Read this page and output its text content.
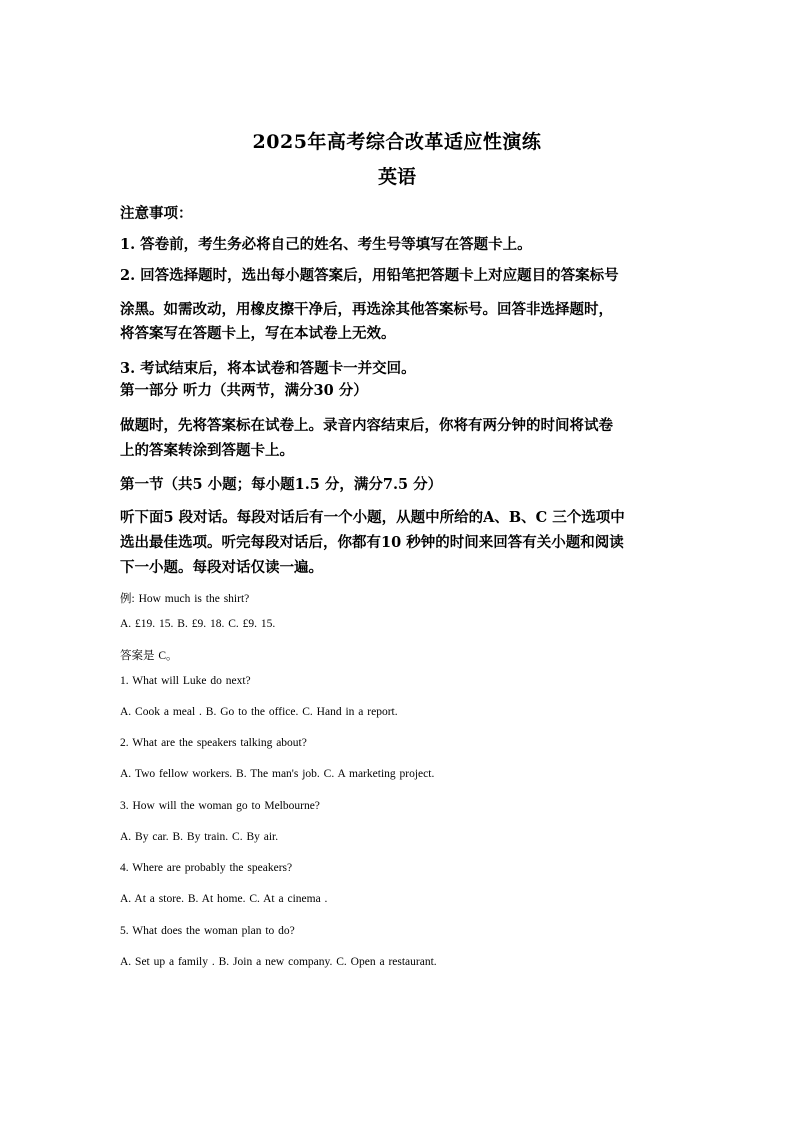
2025年高考综合改革适应性演练
英语
注意事项：
1. 答卷前，考生务必将自己的姓名、考生号等填写在答题卡上。
2. 回答选择题时，选出每小题答案后，用铅笔把答题卡上对应题目的答案标号
涂黑。如需改动，用橡皮擦干净后，再选涂其他答案标号。回答非选择题时，
将答案写在答题卡上，写在本试卷上无效。
3. 考试结束后，将本试卷和答题卡一并交回。
第一部分 听力（共两节，满分30 分）
做题时，先将答案标在试卷上。录音内容结束后，你将有两分钟的时间将试卷
上的答案转涂到答题卡上。
第一节（共5 小题；每小题1.5 分，满分7.5 分）
听下面5 段对话。每段对话后有一个小题，从题中所给的A、B、C 三个选项中
选出最佳选项。听完每段对话后，你都有10 秒钟的时间来回答有关小题和阅读
下一小题。每段对话仅读一遍。
例: How much is the shirt?
A. £19. 15. B. £9. 18. C. £9. 15.
答案是 C。
1. What will Luke do next?
A. Cook a meal . B. Go to the office. C. Hand in a report.
2. What are the speakers talking about?
A. Two fellow workers. B. The man's job. C. A marketing project.
3. How will the woman go to Melbourne?
A. By car. B. By train. C. By air.
4. Where are probably the speakers?
A. At a store. B. At home. C. At a cinema .
5. What does the woman plan to do?
A. Set up a family . B. Join a new company. C. Open a restaurant.
